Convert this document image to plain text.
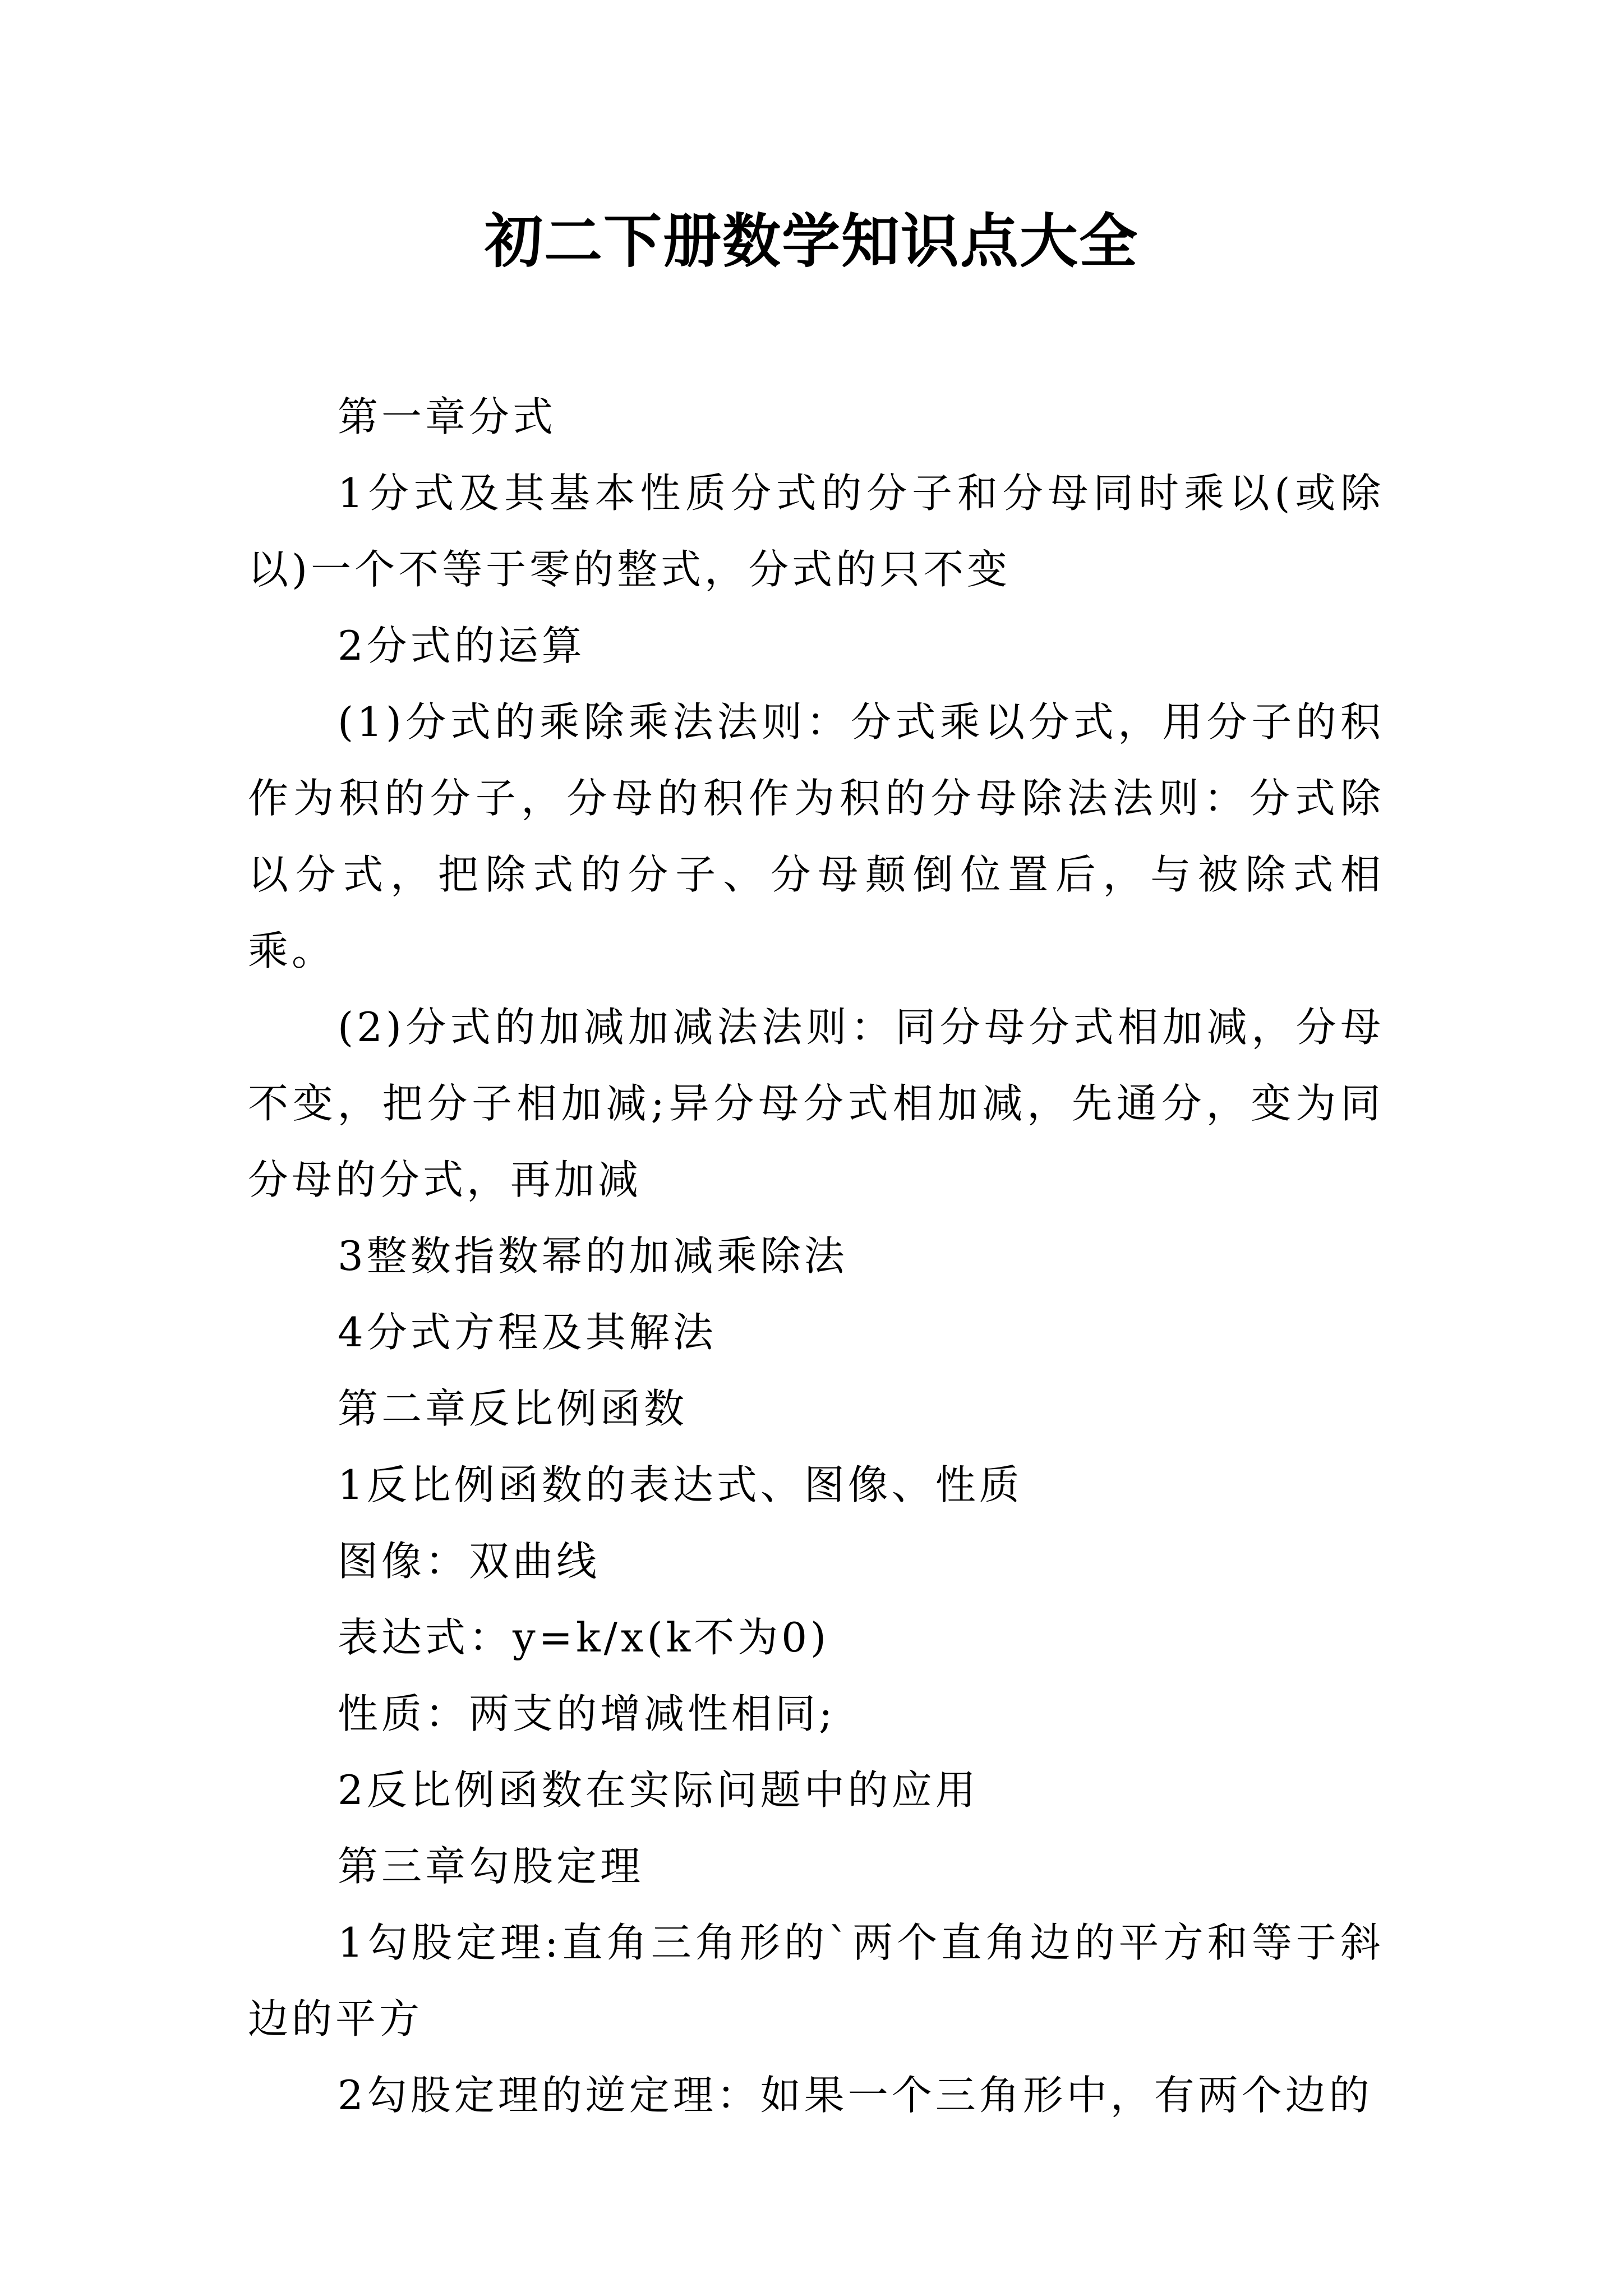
初二下册数学知识点大全

第一章分式

1分式及其基本性质分式的分子和分母同时乘以(或除以)一个不等于零的整式，分式的只不变

2分式的运算

(1)分式的乘除乘法法则：分式乘以分式，用分子的积作为积的分子，分母的积作为积的分母除法法则：分式除以分式，把除式的分子、分母颠倒位置后，与被除式相乘。

(2)分式的加减加减法法则：同分母分式相加减，分母不变，把分子相加减;异分母分式相加减，先通分，变为同分母的分式，再加减

3整数指数幂的加减乘除法

4分式方程及其解法

第二章反比例函数

1反比例函数的表达式、图像、性质

图像：双曲线

表达式：y=k/x(k不为0)

性质：两支的增减性相同;

2反比例函数在实际问题中的应用

第三章勾股定理

1勾股定理:直角三角形的`两个直角边的平方和等于斜边的平方

2勾股定理的逆定理：如果一个三角形中，有两个边的
